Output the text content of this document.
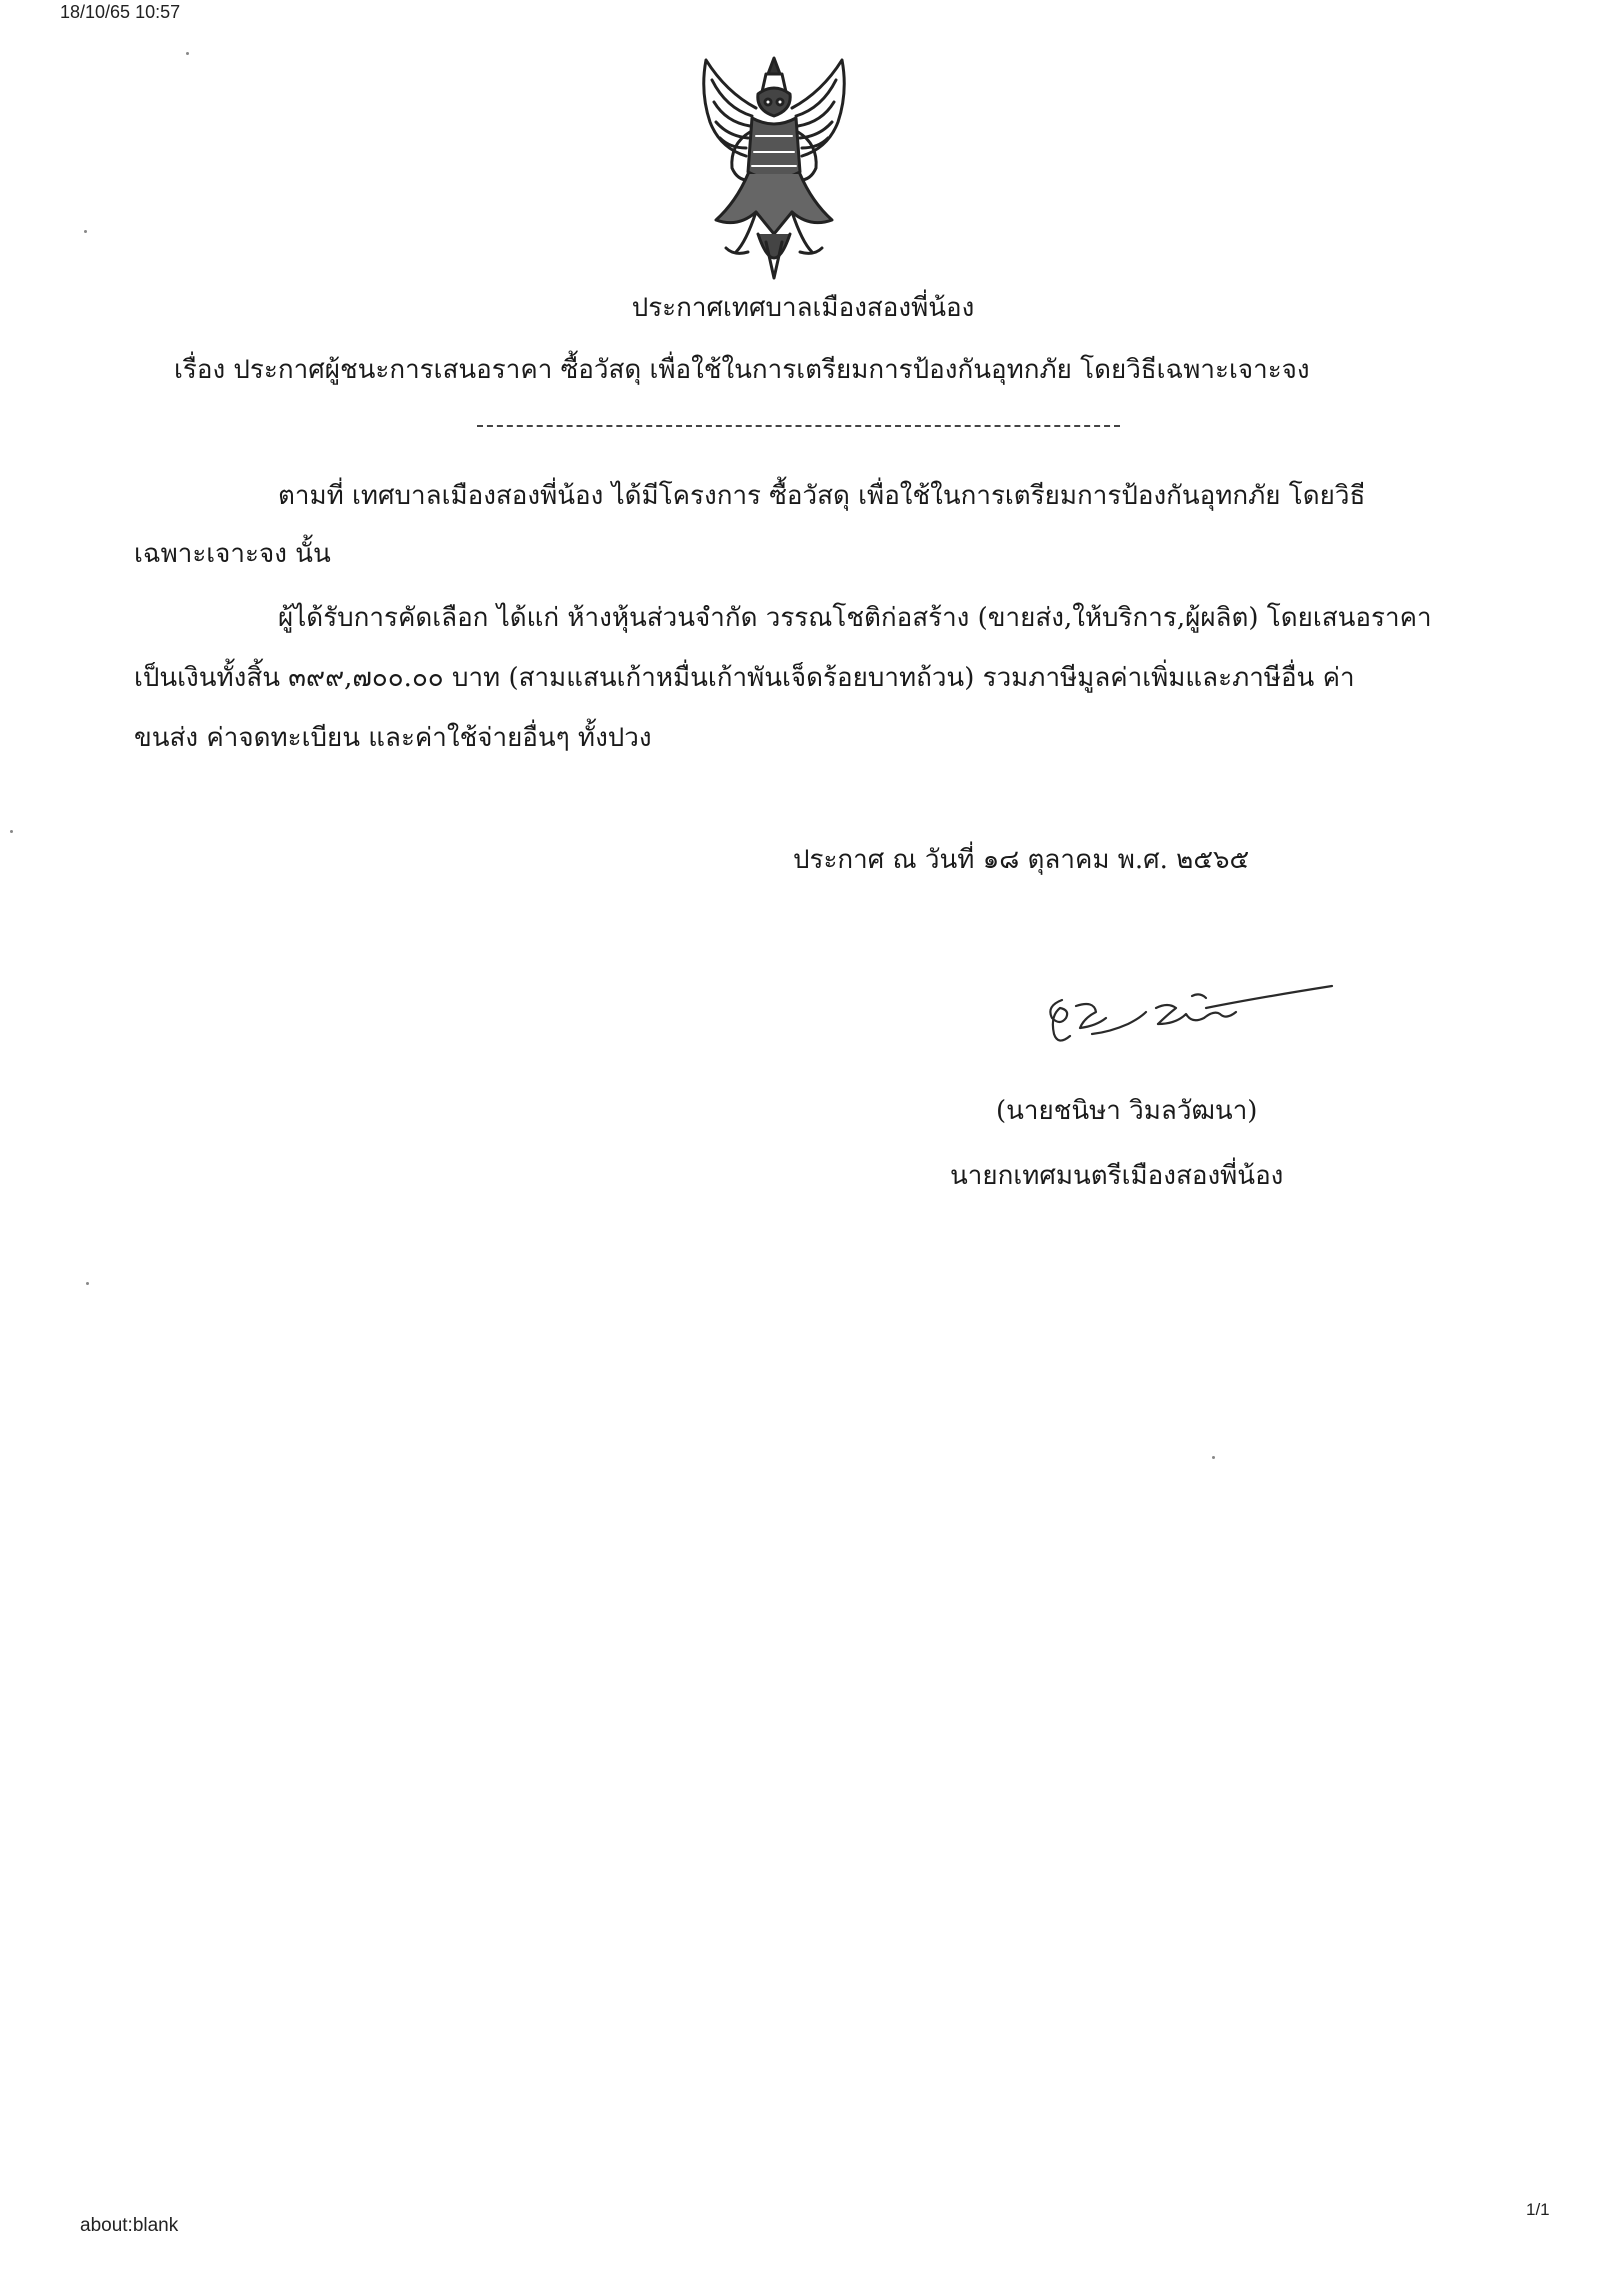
18/10/65 10:57
ประกาศเทศบาลเมืองสองพี่น้อง
เรื่อง ประกาศผู้ชนะการเสนอราคา ซื้อวัสดุ เพื่อใช้ในการเตรียมการป้องกันอุทกภัย โดยวิธีเฉพาะเจาะจง
ตามที่ เทศบาลเมืองสองพี่น้อง ได้มีโครงการ ซื้อวัสดุ เพื่อใช้ในการเตรียมการป้องกันอุทกภัย โดยวิธี
เฉพาะเจาะจง นั้น
ผู้ได้รับการคัดเลือก ได้แก่ ห้างหุ้นส่วนจำกัด วรรณโชติก่อสร้าง (ขายส่ง,ให้บริการ,ผู้ผลิต) โดยเสนอราคา
เป็นเงินทั้งสิ้น ๓๙๙,๗๐๐.๐๐ บาท (สามแสนเก้าหมื่นเก้าพันเจ็ดร้อยบาทถ้วน) รวมภาษีมูลค่าเพิ่มและภาษีอื่น ค่า
ขนส่ง ค่าจดทะเบียน และค่าใช้จ่ายอื่นๆ ทั้งปวง
ประกาศ ณ วันที่ ๑๘ ตุลาคม พ.ศ. ๒๕๖๕
(นายชนิษา วิมลวัฒนา)
นายกเทศมนตรีเมืองสองพี่น้อง
about:blank
1/1
